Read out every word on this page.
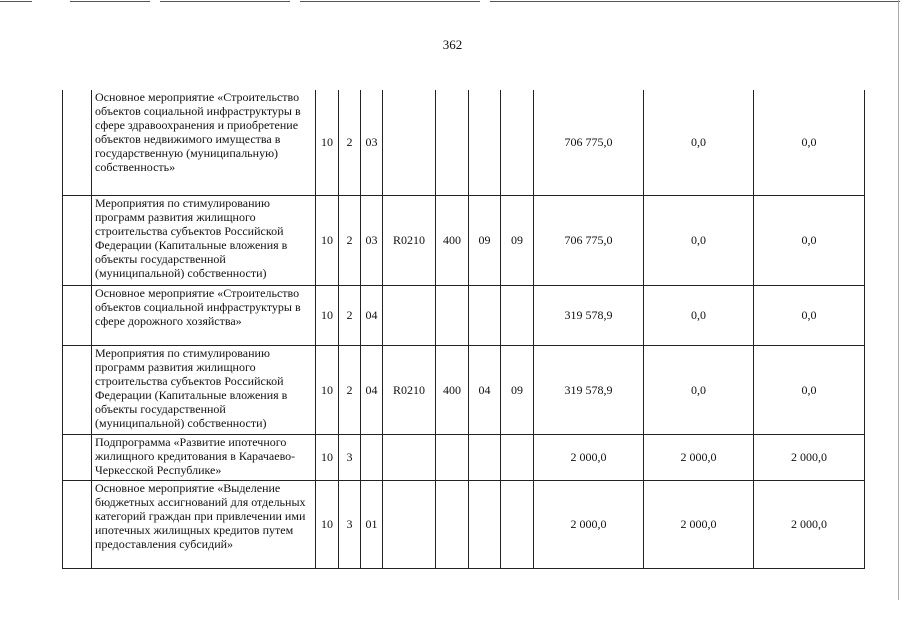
362
	Основное мероприятие «Строительство объектов социальной инфраструктуры в сфере здравоохранения и приобретение объектов недвижимого имущества в государственную (муниципальную) собственность»	10	2	03					706 775,0	0,0	0,0
	Мероприятия по стимулированию программ развития жилищного строительства субъектов Российской Федерации (Капитальные вложения в объекты государственной (муниципальной) собственности)	10	2	03	R0210	400	09	09	706 775,0	0,0	0,0
	Основное мероприятие «Строительство объектов социальной инфраструктуры в сфере дорожного хозяйства»	10	2	04					319 578,9	0,0	0,0
	Мероприятия по стимулированию программ развития жилищного строительства субъектов Российской Федерации (Капитальные вложения в объекты государственной (муниципальной) собственности)	10	2	04	R0210	400	04	09	319 578,9	0,0	0,0
	Подпрограмма «Развитие ипотечного жилищного кредитования в Карачаево-Черкесской Республике»	10	3						2 000,0	2 000,0	2 000,0
	Основное мероприятие «Выделение бюджетных ассигнований для отдельных категорий граждан при привлечении ими ипотечных жилищных кредитов путем предоставления субсидий»	10	3	01					2 000,0	2 000,0	2 000,0
